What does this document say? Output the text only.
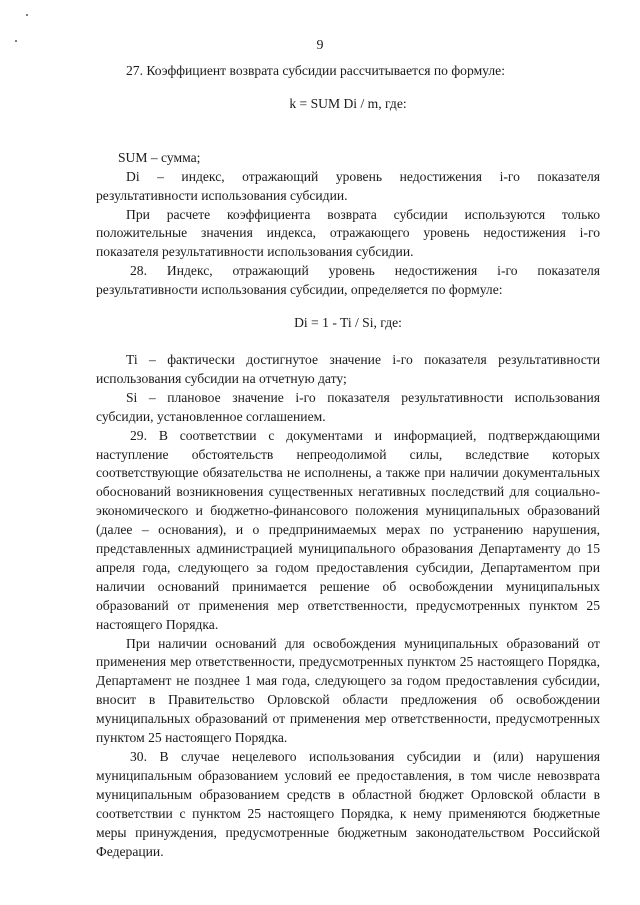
9

27. Коэффициент возврата субсидии рассчитывается по формуле:

k = SUM Di / m, где:

SUM – сумма;

Di – индекс, отражающий уровень недостижения i-го показателя результативности использования субсидии.

При расчете коэффициента возврата субсидии используются только положительные значения индекса, отражающего уровень недостижения i-го показателя результативности использования субсидии.

28. Индекс, отражающий уровень недостижения i-го показателя результативности использования субсидии, определяется по формуле:

Di = 1 - Ti / Si, где:

Ti – фактически достигнутое значение i-го показателя результативности использования субсидии на отчетную дату;

Si – плановое значение i-го показателя результативности использования субсидии, установленное соглашением.

29. В соответствии с документами и информацией, подтверждающими наступление обстоятельств непреодолимой силы, вследствие которых соответствующие обязательства не исполнены, а также при наличии документальных обоснований возникновения существенных негативных последствий для социально-экономического и бюджетно-финансового положения муниципальных образований (далее – основания), и о предпринимаемых мерах по устранению нарушения, представленных администрацией муниципального образования Департаменту до 15 апреля года, следующего за годом предоставления субсидии, Департаментом при наличии оснований принимается решение об освобождении муниципальных образований от применения мер ответственности, предусмотренных пунктом 25 настоящего Порядка.

При наличии оснований для освобождения муниципальных образований от применения мер ответственности, предусмотренных пунктом 25 настоящего Порядка, Департамент не позднее 1 мая года, следующего за годом предоставления субсидии, вносит в Правительство Орловской области предложения об освобождении муниципальных образований от применения мер ответственности, предусмотренных пунктом 25 настоящего Порядка.

30. В случае нецелевого использования субсидии и (или) нарушения муниципальным образованием условий ее предоставления, в том числе невозврата муниципальным образованием средств в областной бюджет Орловской области в соответствии с пунктом 25 настоящего Порядка, к нему применяются бюджетные меры принуждения, предусмотренные бюджетным законодательством Российской Федерации.
